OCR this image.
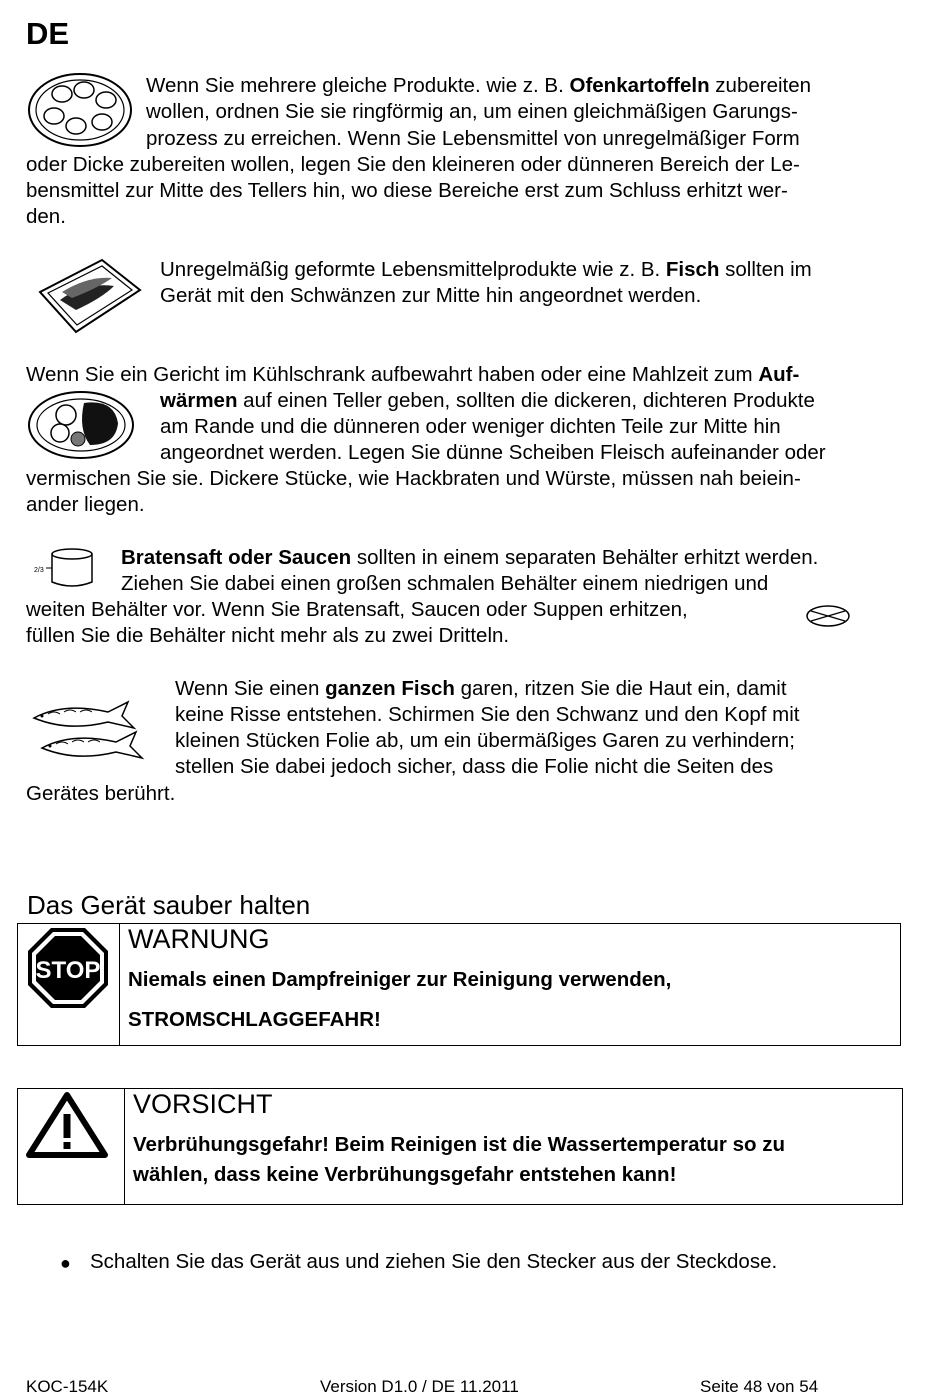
DE
Wenn Sie mehrere gleiche Produkte. wie z. B. Ofenkartoffeln zubereiten
wollen, ordnen Sie sie ringförmig an, um einen gleichmäßigen Garungs-
prozess zu erreichen. Wenn Sie Lebensmittel von unregelmäßiger Form
oder Dicke zubereiten wollen, legen Sie den kleineren oder dünneren Bereich der Le-
bensmittel zur Mitte des Tellers hin, wo diese Bereiche erst zum Schluss erhitzt wer-
den.
Unregelmäßig geformte Lebensmittelprodukte wie z. B. Fisch sollten im
Gerät mit den Schwänzen zur Mitte hin angeordnet werden.
Wenn Sie ein Gericht im Kühlschrank aufbewahrt haben oder eine Mahlzeit zum Auf-
wärmen auf einen Teller geben, sollten die dickeren, dichteren Produkte
am Rande und die dünneren oder weniger dichten Teile zur Mitte hin
angeordnet werden. Legen Sie dünne Scheiben Fleisch aufeinander oder
vermischen Sie sie. Dickere Stücke, wie Hackbraten und Würste, müssen nah beiein-
ander liegen.
2/3
Bratensaft oder Saucen sollten in einem separaten Behälter erhitzt werden.
Ziehen Sie dabei einen großen schmalen Behälter einem niedrigen und
weiten Behälter vor. Wenn Sie Bratensaft, Saucen oder Suppen erhitzen,
füllen Sie die Behälter nicht mehr als zu zwei Dritteln.
Wenn Sie einen ganzen Fisch garen, ritzen Sie die Haut ein, damit
keine Risse entstehen. Schirmen Sie den Schwanz und den Kopf mit
kleinen Stücken Folie ab, um ein übermäßiges Garen zu verhindern;
stellen Sie dabei jedoch sicher, dass die Folie nicht die Seiten des
Gerätes berührt.
Das Gerät sauber halten
STOP
WARNUNG
Niemals einen Dampfreiniger zur Reinigung verwenden,
STROMSCHLAGGEFAHR!
VORSICHT
Verbrühungsgefahr! Beim Reinigen ist die Wassertemperatur so zu
wählen, dass keine Verbrühungsgefahr entstehen kann!
● Schalten Sie das Gerät aus und ziehen Sie den Stecker aus der Steckdose.
KOC-154K	Version D1.0 / DE 11.2011	Seite 48 von 54
